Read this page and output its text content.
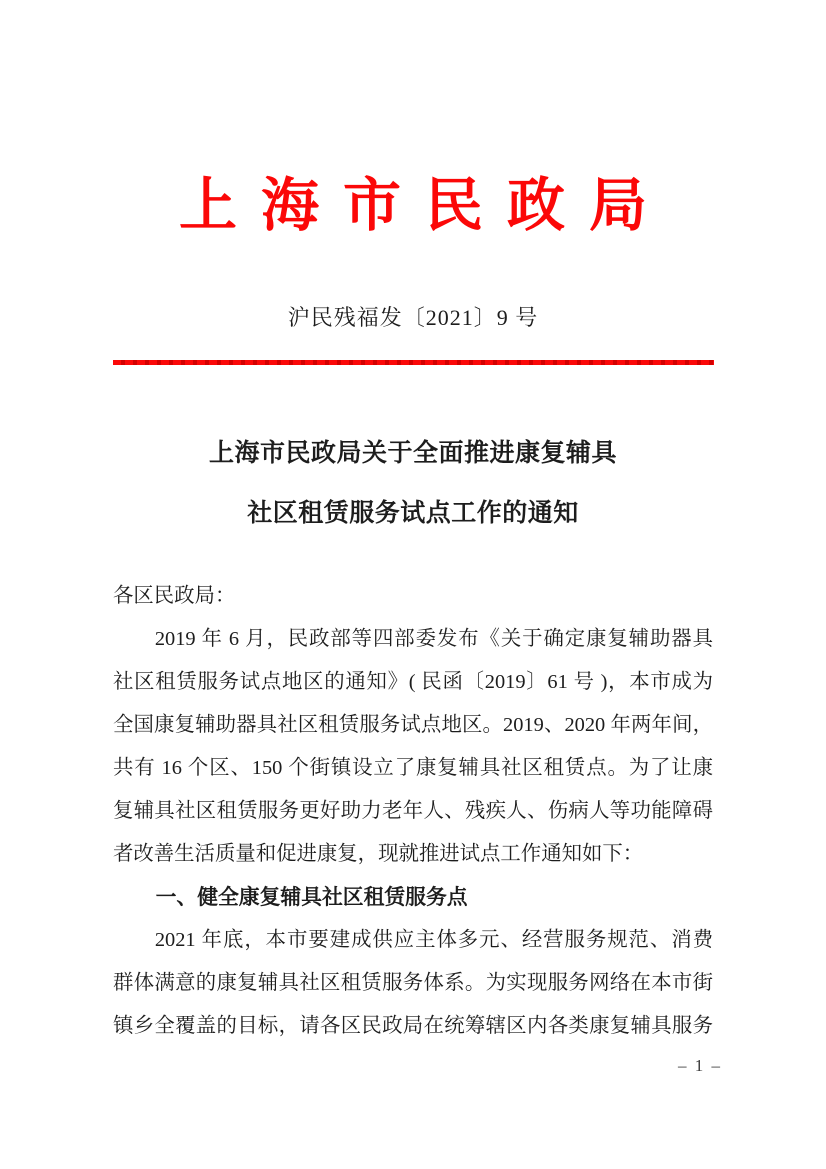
上海市民政局
沪民残福发〔2021〕9 号
上海市民政局关于全面推进康复辅具
社区租赁服务试点工作的通知
各区民政局：
2019 年 6 月，民政部等四部委发布《关于确定康复辅助器具
社区租赁服务试点地区的通知》( 民函〔2019〕61 号 )，本市成为
全国康复辅助器具社区租赁服务试点地区。2019、2020 年两年间，
共有 16 个区、150 个街镇设立了康复辅具社区租赁点。为了让康
复辅具社区租赁服务更好助力老年人、残疾人、伤病人等功能障碍
者改善生活质量和促进康复，现就推进试点工作通知如下：
一、健全康复辅具社区租赁服务点
2021 年底，本市要建成供应主体多元、经营服务规范、消费
群体满意的康复辅具社区租赁服务体系。为实现服务网络在本市街
镇乡全覆盖的目标，请各区民政局在统筹辖区内各类康复辅具服务
– 1 –
